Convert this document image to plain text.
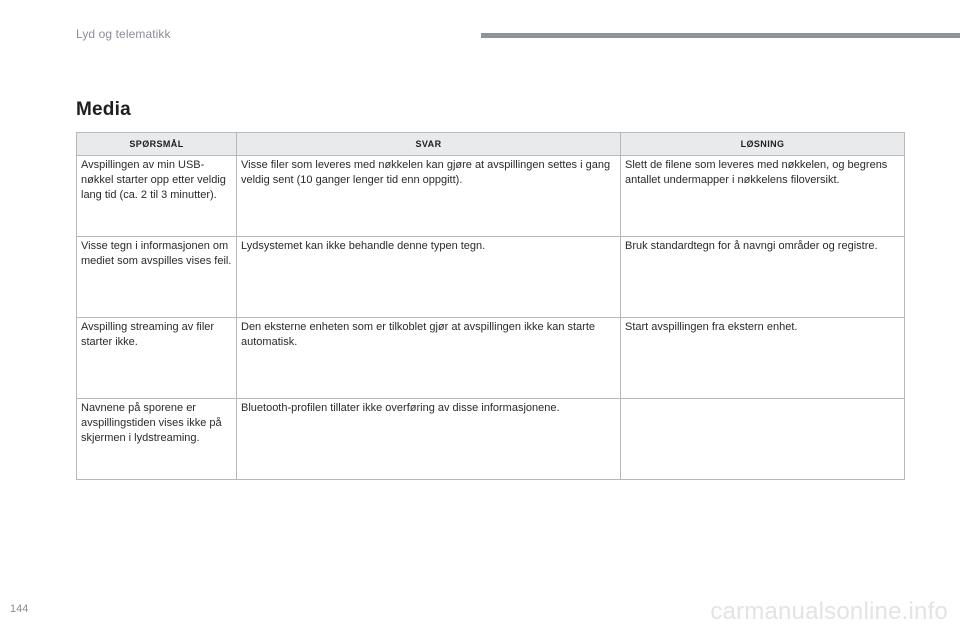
Lyd og telematikk
Media
SPØRSMÅL	SVAR	LØSNING
Avspillingen av min USB-nøkkel starter opp etter veldig lang tid (ca. 2 til 3 minutter).	Visse filer som leveres med nøkkelen kan gjøre at avspillingen settes i gang veldig sent (10 ganger lenger tid enn oppgitt).	Slett de filene som leveres med nøkkelen, og begrens antallet undermapper i nøkkelens filoversikt.
Visse tegn i informasjonen om mediet som avspilles vises feil.	Lydsystemet kan ikke behandle denne typen tegn.	Bruk standardtegn for å navngi områder og registre.
Avspilling streaming av filer starter ikke.	Den eksterne enheten som er tilkoblet gjør at avspillingen ikke kan starte automatisk.	Start avspillingen fra ekstern enhet.
Navnene på sporene er avspillingstiden vises ikke på skjermen i lydstreaming.	Bluetooth-profilen tillater ikke overføring av disse informasjonene.	
144	carmanualsonline.info
